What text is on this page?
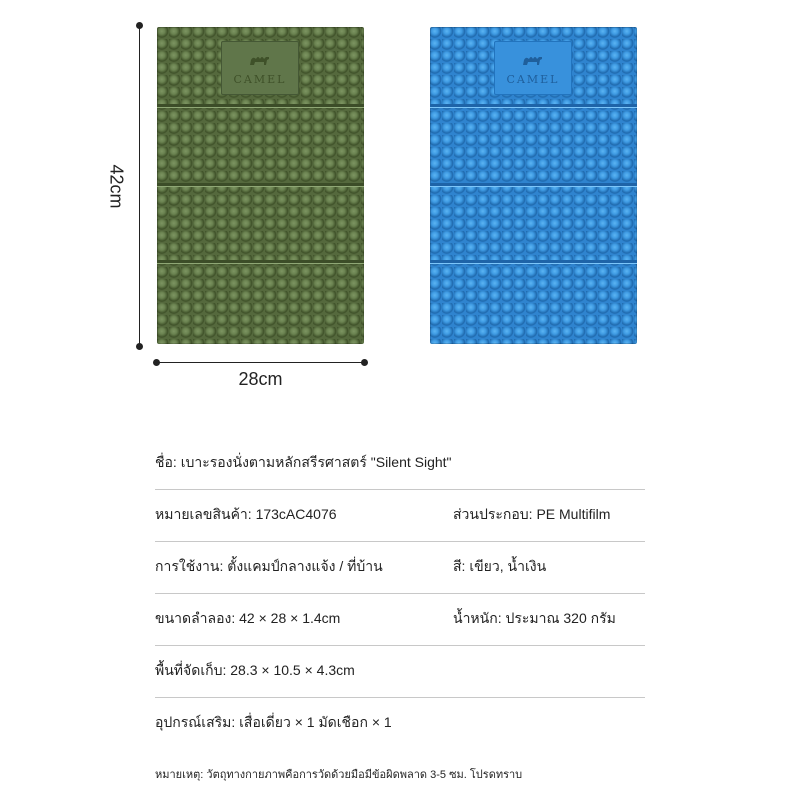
42cm
28cm
CAMEL	CAMEL
ชื่อ: เบาะรองนั่งตามหลักสรีรศาสตร์ "Silent Sight"
หมายเลขสินค้า: 173cAC4076	ส่วนประกอบ: PE Multifilm
การใช้งาน: ตั้งแคมป์กลางแจ้ง / ที่บ้าน	สี: เขียว, น้ำเงิน
ขนาดลำลอง: 42 × 28 × 1.4cm	น้ำหนัก: ประมาณ 320 กรัม
พื้นที่จัดเก็บ: 28.3 × 10.5 × 4.3cm
อุปกรณ์เสริม: เสื่อเดี่ยว × 1 มัดเชือก × 1
หมายเหตุ: วัตถุทางกายภาพคือการวัดด้วยมือมีข้อผิดพลาด 3-5 ซม. โปรดทราบ
